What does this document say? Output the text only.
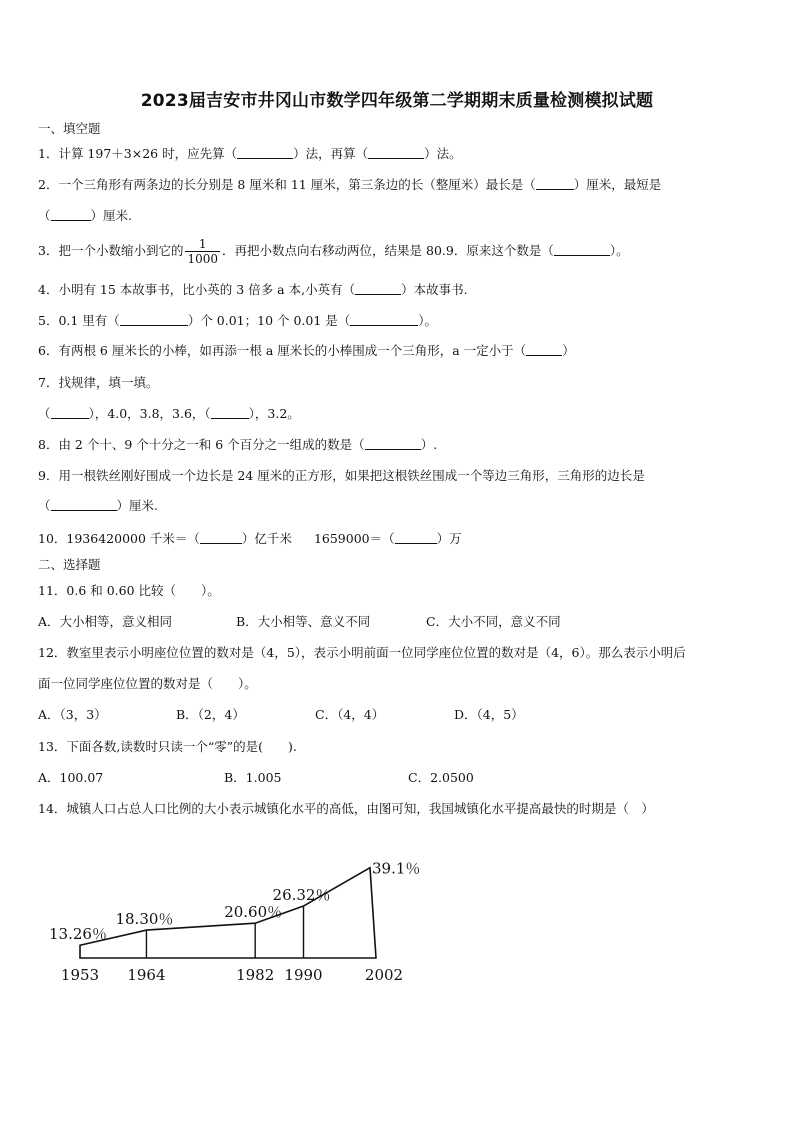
2023届吉安市井冈山市数学四年级第二学期期末质量检测模拟试题
一、填空题
1．计算 197＋3×26 时，应先算（	）法，再算（	）法。
2．一个三角形有两条边的长分别是 8 厘米和 11 厘米，第三条边的长（整厘米）最长是（	）厘米，最短是
（	）厘米.
3．把一个小数缩小到它的 $\frac{1}{1000}$ ．再把小数点向右移动两位，结果是 80.9．原来这个数是（	）。
4．小明有 15 本故事书，比小英的 3 倍多 a 本,小英有（	）本故事书.
5．0.1 里有（	）个 0.01；10 个 0.01 是（	）。
6．有两根 6 厘米长的小棒，如再添一根 a 厘米长的小棒围成一个三角形，a 一定小于（	）
7．找规律，填一填。
（	），4.0，3.8，3.6，（	），3.2。
8．由 2 个十、9 个十分之一和 6 个百分之一组成的数是（	）.
9．用一根铁丝刚好围成一个边长是 24 厘米的正方形，如果把这根铁丝围成一个等边三角形，三角形的边长是
（	）厘米.
10．1936420000 千米＝（	）亿千米 1659000＝（	）万
二、选择题
11．0.6 和 0.60 比较（　　）。
A．大小相等，意义相同	B．大小相等、意义不同	C．大小不同，意义不同
12．教室里表示小明座位位置的数对是（4，5），表示小明前面一位同学座位位置的数对是（4，6）。那么表示小明后
面一位同学座位位置的数对是（　　）。
A．（3，3）	B．（2，4）	C．（4，4）	D．（4，5）
13．下面各数,读数时只读一个“零”的是(　　).
A．100.07	B．1.005	C．2.0500
14．城镇人口占总人口比例的大小表示城镇化水平的高低，由图可知，我国城镇化水平提高最快的时期是（　）
13.26％
18.30％	20.60％
26.32％
39.1％
1953 1964	1982 1990	2002
